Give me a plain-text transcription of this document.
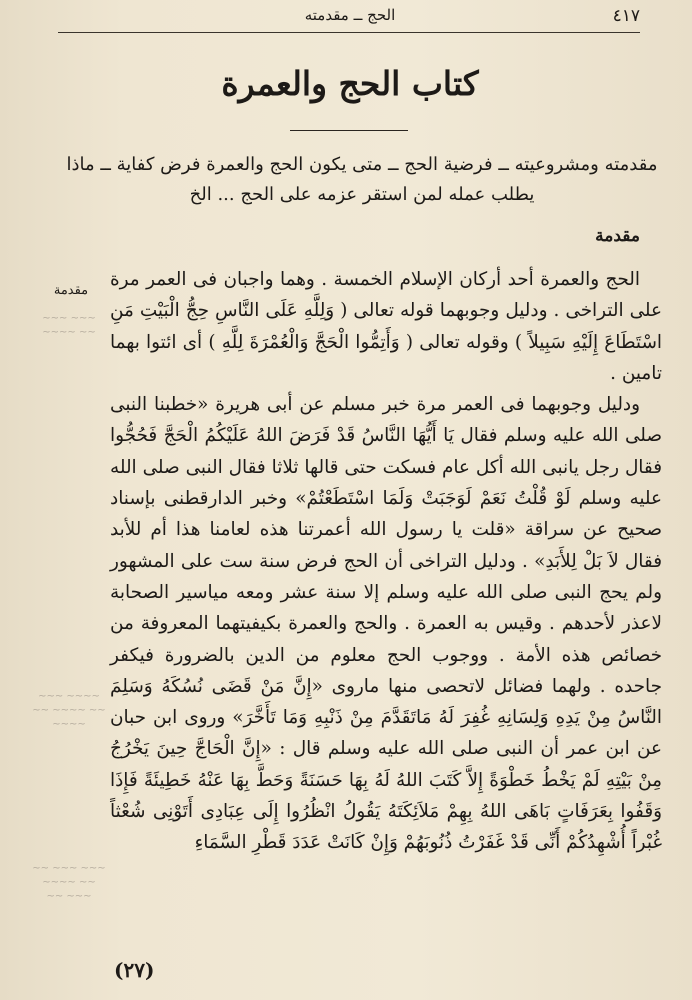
الحج ــ مقدمته	٤١٧
كتاب الحج والعمرة
مقدمته ومشروعيته ــ فرضية الحج ــ متى يكون الحج والعمرة فرض كفاية ــ ماذا يطلب عمله لمن استقر عزمه على الحج ... الخ
مقدمة
مقدمة
~~~ ~~~
~~ ~~~~
~~~~ ~~~
~~ ~~~~ ~~
~~~~
~~~ ~~~ ~~
~~ ~~~~
~~~ ~~

الحج والعمرة أحد أركان الإسلام الخمسة . وهما واجبان فى العمر مرة على التراخى . ودليل وجوبهما قوله تعالى ( وَلِلَّهِ عَلَى النَّاسِ حِجُّ الْبَيْتِ مَنِ اسْتَطَاعَ إِلَيْهِ سَبِيلاً ) وقوله تعالى ( وَأَتِمُّوا الْحَجَّ وَالْعُمْرَةَ لِلَّهِ ) أى ائتوا بهما تامين .

ودليل وجوبهما فى العمر مرة خبر مسلم عن أبى هريرة «خطبنا النبى صلى الله عليه وسلم فقال يَا أَيُّهَا النَّاسُ قَدْ فَرَضَ اللهُ عَلَيْكُمُ الْحَجَّ فَحُجُّوا فقال رجل يانبى الله أكل عام فسكت حتى قالها ثلاثا فقال النبى صلى الله عليه وسلم لَوْ قُلْتُ نَعَمْ لَوَجَبَتْ وَلَمَا اسْتَطَعْتُمْ» وخبر الدارقطنى بإسناد صحيح عن سراقة «قلت يا رسول الله أعمرتنا هذه لعامنا هذا أم للأبد فقال لاَ بَلْ لِلأَبَدِ» . ودليل التراخى أن الحج فرض سنة ست على المشهور ولم يحج النبى صلى الله عليه وسلم إلا سنة عشر ومعه مياسير الصحابة لاعذر لأحدهم . وقيس به العمرة . والحج والعمرة بكيفيتهما المعروفة من خصائص هذه الأمة . ووجوب الحج معلوم من الدين بالضرورة فيكفر جاحده . ولهما فضائل لاتحصى منها ماروى «إِنَّ مَنْ قَضَى نُسُكَهُ وَسَلِمَ النَّاسُ مِنْ يَدِهِ وَلِسَانِهِ غُفِرَ لَهُ مَاتَقَدَّمَ مِنْ ذَنْبِهِ وَمَا تَأَخَّرَ» وروى ابن حبان عن ابن عمر أن النبى صلى الله عليه وسلم قال : «إِنَّ الْحَاجَّ حِينَ يَخْرُجُ مِنْ بَيْتِهِ لَمْ يَخْطُ خَطْوَةً إِلاَّ كَتَبَ اللهُ لَهُ بِهَا حَسَنَةً وَحَطَّ بِهَا عَنْهُ خَطِيئَةً فَإِذَا وَقَفُوا بِعَرَفَاتٍ بَاهَى اللهُ بِهِمْ مَلاَئِكَتَهُ يَقُولُ انْظُرُوا إِلَى عِبَادِى أَتَوْنِى شُعْثاً غُبْراً أُشْهِدُكُمْ أَنِّى قَدْ غَفَرْتُ ذُنُوبَهُمْ وَإِنْ كَانَتْ عَدَدَ قَطْرِ السَّمَاءِ

(٢٧)
